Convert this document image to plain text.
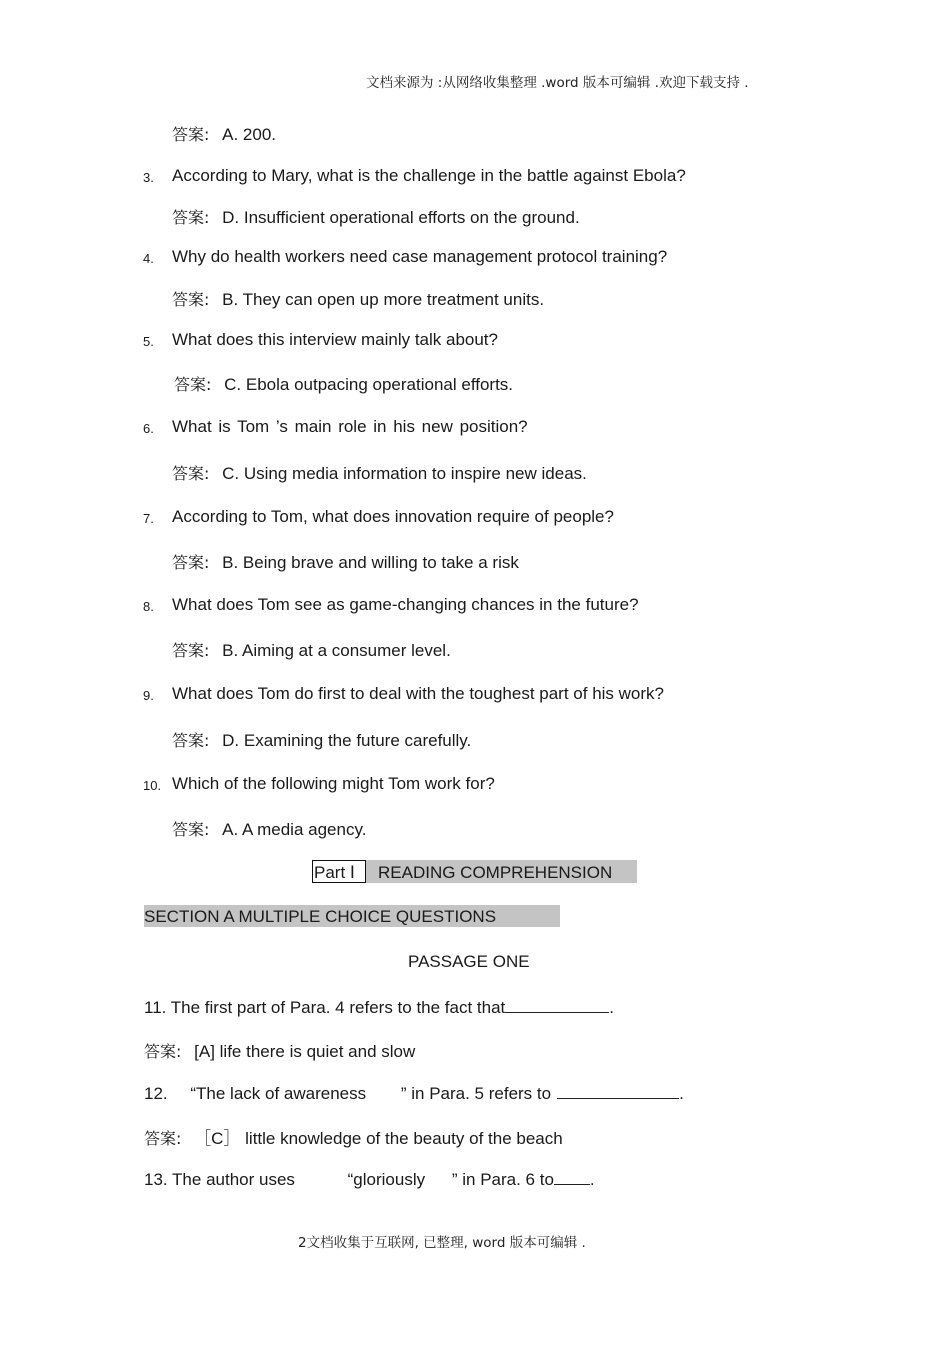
文档来源为 :从网络收集整理 .word 版本可编辑 .欢迎下载支持 .
答案: A. 200.
3. According to Mary, what is the challenge in the battle against Ebola?
答案: D. Insufficient operational efforts on the ground.
4. Why do health workers need case management protocol training?
答案: B. They can open up more treatment units.
5. What does this interview mainly talk about?
答案: C. Ebola outpacing operational efforts.
6. What is Tom ’s main role in his new position?
答案: C. Using media information to inspire new ideas.
7. According to Tom, what does innovation require of people?
答案: B. Being brave and willing to take a risk
8. What does Tom see as game-changing chances in the future?
答案: B. Aiming at a consumer level.
9. What does Tom do first to deal with the toughest part of his work?
答案: D. Examining the future carefully.
10. Which of the following might Tom work for?
答案: A. A media agency.
Part Ⅰ READING COMPREHENSION
SECTION A MULTIPLE CHOICE QUESTIONS
PASSAGE ONE
11. The first part of Para. 4 refers to the fact that	.
答案: [A] life there is quiet and slow
12. “The lack of awareness ” in Para. 5 refers to	.
答案: ［C］ little knowledge of the beauty of the beach
13. The author uses	“gloriously ” in Para. 6 to .
2文档收集于互联网, 已整理, word 版本可编辑 .
